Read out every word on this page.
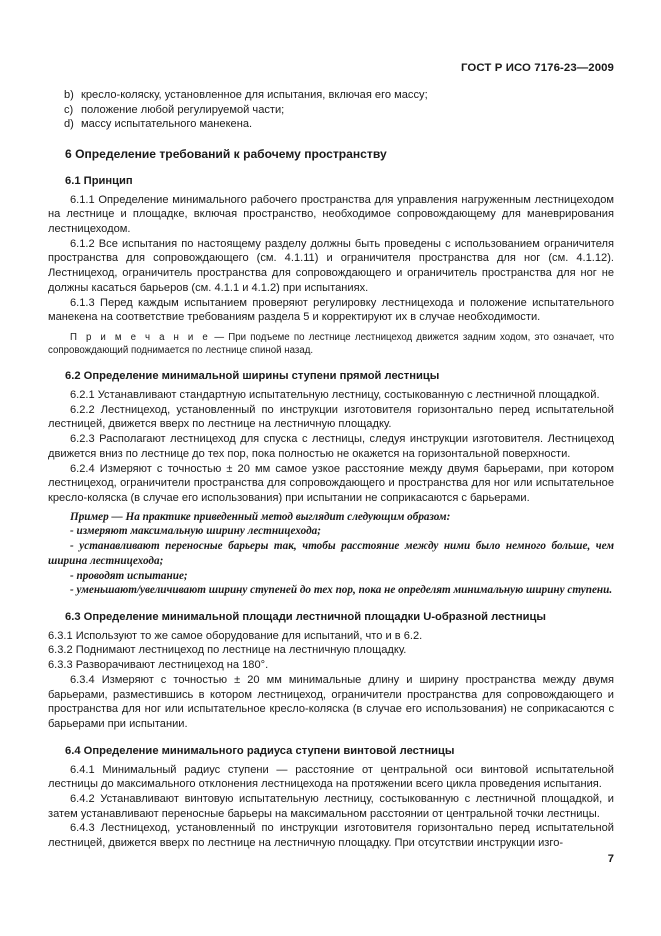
ГОСТ Р ИСО 7176-23—2009
b) кресло-коляску, установленное для испытания, включая его массу;
c) положение любой регулируемой части;
d) массу испытательного манекена.
6 Определение требований к рабочему пространству
6.1 Принцип

6.1.1 Определение минимального рабочего пространства для управления нагруженным лестницеходом на лестнице и площадке, включая пространство, необходимое сопровождающему для маневрирования лестницеходом.

6.1.2 Все испытания по настоящему разделу должны быть проведены с использованием ограничителя пространства для сопровождающего (см. 4.1.11) и ограничителя пространства для ног (см. 4.1.12). Лестницеход, ограничитель пространства для сопровождающего и ограничитель пространства для ног не должны касаться барьеров (см. 4.1.1 и 4.1.2) при испытаниях.

6.1.3 Перед каждым испытанием проверяют регулировку лестницехода и положение испытательного манекена на соответствие требованиям раздела 5 и корректируют их в случае необходимости.

П р и м е ч а н и е — При подъеме по лестнице лестницеход движется задним ходом, это означает, что сопровождающий поднимается по лестнице спиной назад.

6.2 Определение минимальной ширины ступени прямой лестницы

6.2.1 Устанавливают стандартную испытательную лестницу, состыкованную с лестничной площадкой.

6.2.2 Лестницеход, установленный по инструкции изготовителя горизонтально перед испытательной лестницей, движется вверх по лестнице на лестничную площадку.

6.2.3 Располагают лестницеход для спуска с лестницы, следуя инструкции изготовителя. Лестницеход движется вниз по лестнице до тех пор, пока полностью не окажется на горизонтальной поверхности.

6.2.4 Измеряют с точностью ± 20 мм самое узкое расстояние между двумя барьерами, при котором лестницеход, ограничители пространства для сопровождающего и пространства для ног или испытательное кресло-коляска (в случае его использования) при испытании не соприкасаются с барьерами.

Пример — На практике приведенный метод выглядит следующим образом:

- измеряют максимальную ширину лестницехода;

- устанавливают переносные барьеры так, чтобы расстояние между ними было немного больше, чем ширина лестницехода;

- проводят испытание;

- уменьшают/увеличивают ширину ступеней до тех пор, пока не определят минимальную ширину ступени.

6.3 Определение минимальной площади лестничной площадки U-образной лестницы

6.3.1 Используют то же самое оборудование для испытаний, что и в 6.2.

6.3.2 Поднимают лестницеход по лестнице на лестничную площадку.

6.3.3 Разворачивают лестницеход на 180°.

6.3.4 Измеряют с точностью ± 20 мм минимальные длину и ширину пространства между двумя барьерами, разместившись в котором лестницеход, ограничители пространства для сопровождающего и пространства для ног или испытательное кресло-коляска (в случае его использования) не соприкасаются с барьерами при испытании.

6.4 Определение минимального радиуса ступени винтовой лестницы

6.4.1 Минимальный радиус ступени — расстояние от центральной оси винтовой испытательной лестницы до максимального отклонения лестницехода на протяжении всего цикла проведения испытания.

6.4.2 Устанавливают винтовую испытательную лестницу, состыкованную с лестничной площадкой, и затем устанавливают переносные барьеры на максимальном расстоянии от центральной точки лестницы.

6.4.3 Лестницеход, установленный по инструкции изготовителя горизонтально перед испытательной лестницей, движется вверх по лестнице на лестничную площадку. При отсутствии инструкции изго-

7
